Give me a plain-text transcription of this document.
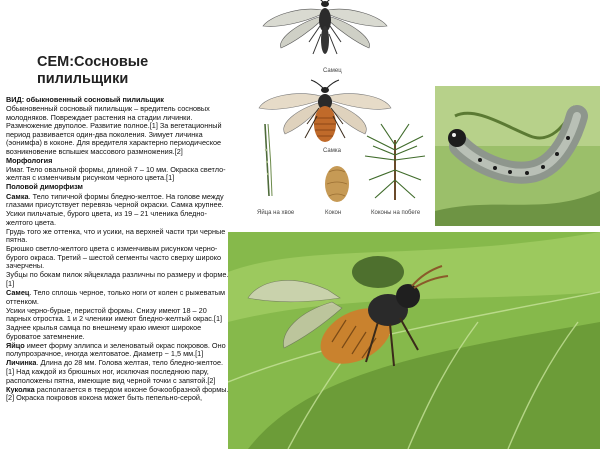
СЕМ:Сосновые
пилильщики

ВИД: обыкновенный сосновый пилильщик

Обыкновенный сосновый пилильщик – вредитель сосновых молодняков. Повреждает растения на стадии личинки. Размножение двуполое. Развитие полное.[1] За вегетационный период развивается один-два поколения. Зимует личинка (эонимфа) в коконе. Для вредителя характерно периодическое возникновение вспышек массового размножения.[2]

Морфология

Имаг. Тело овальной формы, длиной 7 – 10 мм. Окраска светло-желтая с изменчивым рисунком черного цвета.[1]

Половой диморфизм

Самка. Тело типичной формы бледно-желтое. На голове между глазами присутствует перевязь черной окраски. Самка крупнее.

Усики пильчатые, бурого цвета, из 19 – 21 членика бледно-желтого цвета.

Грудь того же оттенка, что и усики, на верхней части три черные пятна.

Брюшко светло-желтого цвета с изменчивым рисунком черно-бурого окраса. Третий – шестой сегменты часто сверху широко зачерчены.

Зубцы по бокам пилок яйцеклада различны по размеру и форме.[1]

Самец. Тело сплошь черное, только ноги от колен с рыжеватым оттенком.

Усики черно-бурые, перистой формы. Снизу имеют 18 – 20 парных отростка. 1 и 2 членики имеют бледно-желтый окрас.[1]

Заднее крылья самца по внешнему краю имеют широкое буроватое затемнение.

Яйцо имеет форму эллипса и зеленоватый окрас покровов. Оно полупрозрачное, иногда желтоватое. Диаметр ~ 1,5 мм.[1]

Личинка. Длина до 28 мм. Голова желтая, тело бледно-желтое.[1] Над каждой из брюшных ног, исключая последнюю пару, расположены пятна, имеющие вид черной точки с запятой.[2]

Куколка располагается в твердом коконе бочкообразной формы.[2] Окраска покровов кокона может быть пепельно-серой,

Самец
Самка
Яйца на хвое	Кокон	Коконы на побеге
